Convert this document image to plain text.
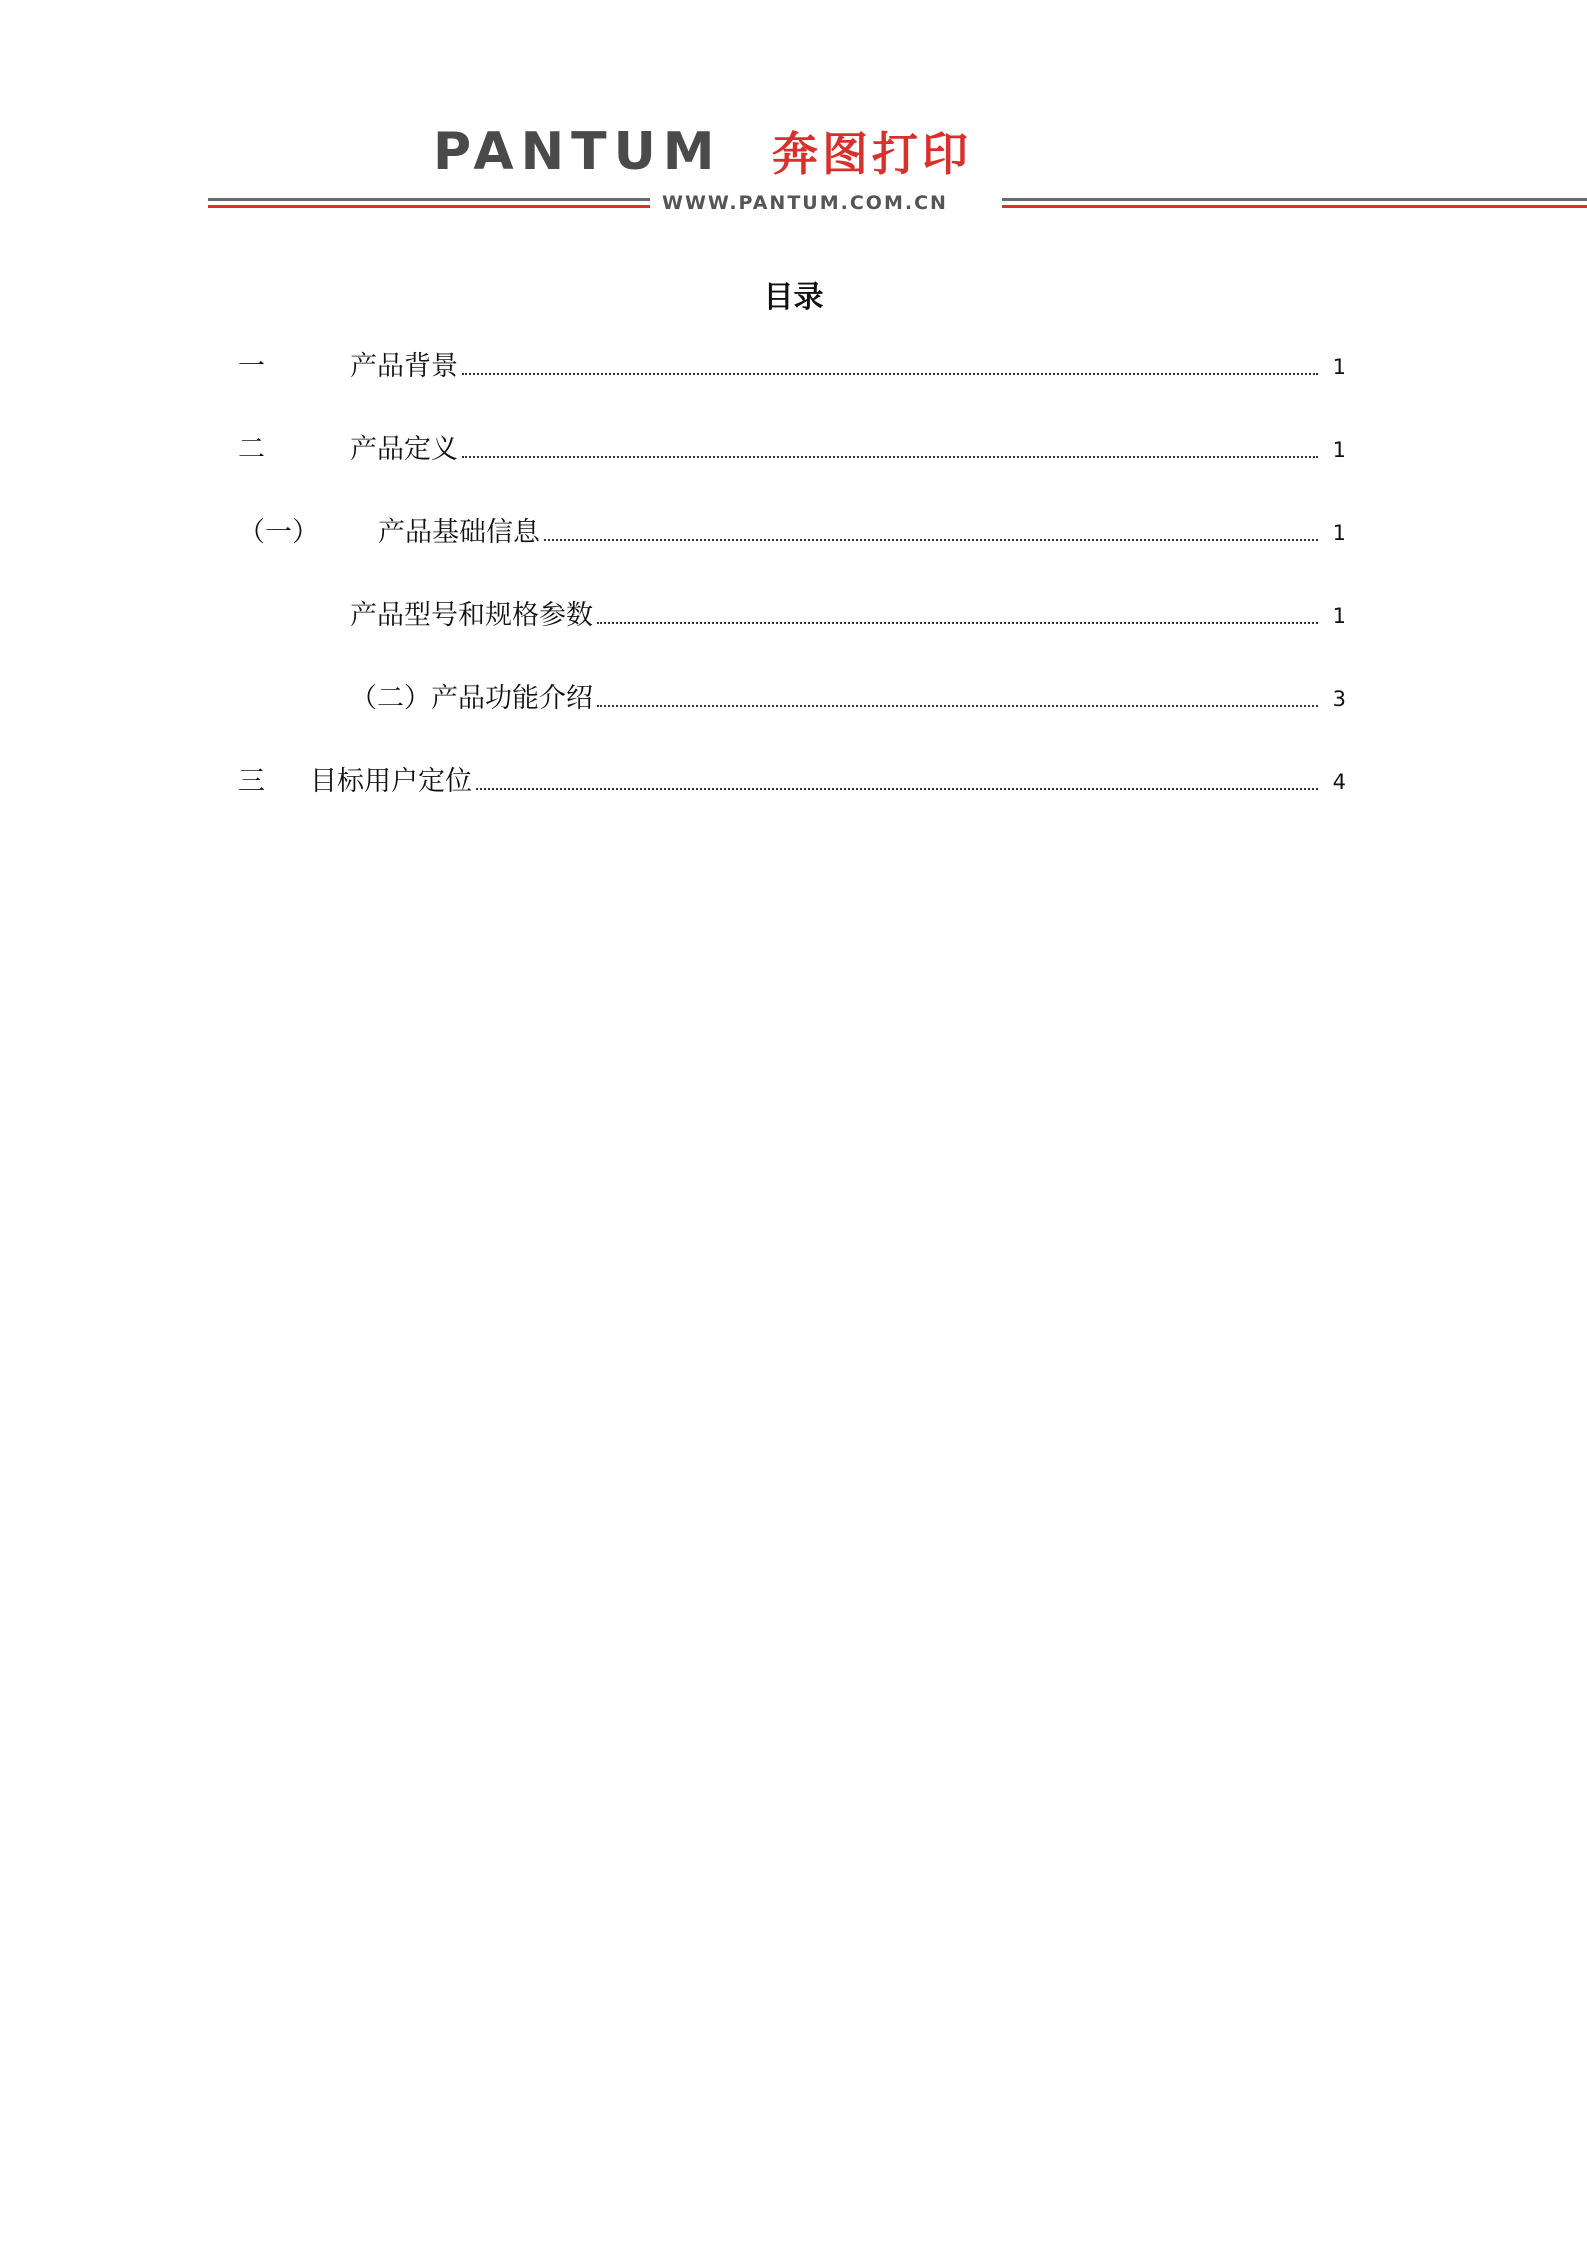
PANTUM 奔图打印
WWW.PANTUM.COM.CN
目录
一	产品背景	1
二	产品定义	1
（一） 产品基础信息	1
产品型号和规格参数	1
（二）产品功能介绍	3
三 目标用户定位	4
